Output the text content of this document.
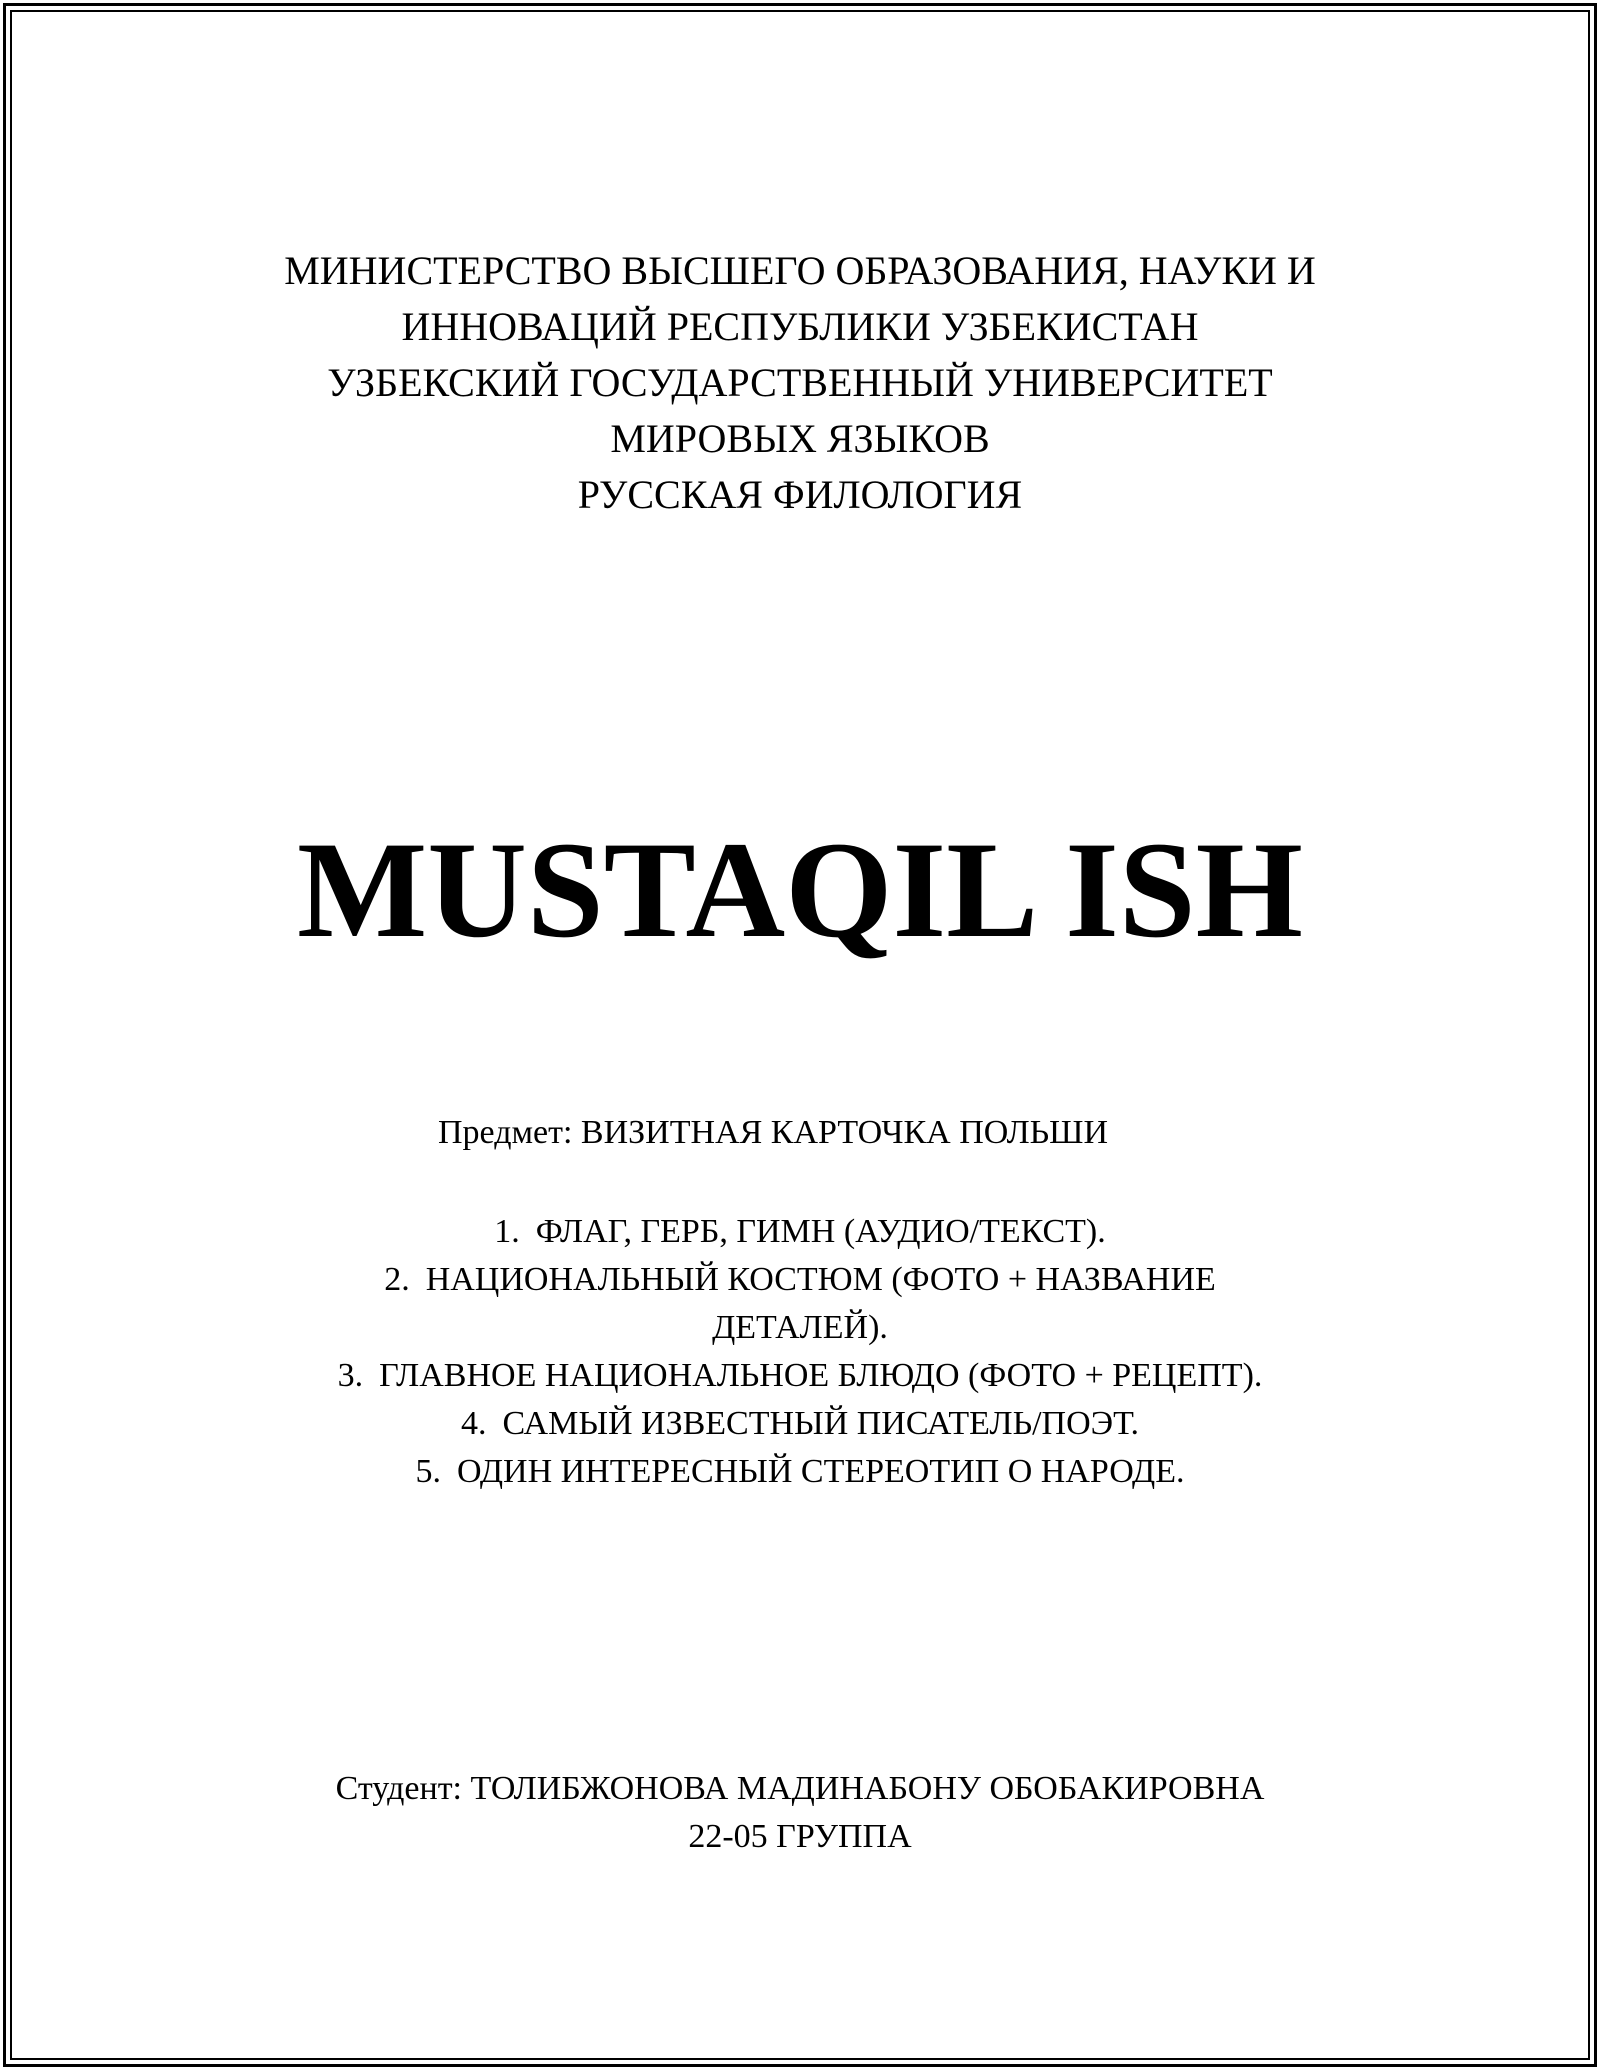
МИНИСТЕРСТВО ВЫСШЕГО ОБРАЗОВАНИЯ, НАУКИ И
ИННОВАЦИЙ РЕСПУБЛИКИ УЗБЕКИСТАН
УЗБЕКСКИЙ ГОСУДАРСТВЕННЫЙ УНИВЕРСИТЕТ
МИРОВЫХ ЯЗЫКОВ
РУССКАЯ ФИЛОЛОГИЯ
MUSTAQIL ISH
Предмет: ВИЗИТНАЯ КАРТОЧКА ПОЛЬШИ
1. ФЛАГ, ГЕРБ, ГИМН (АУДИО/ТЕКСТ).
2. НАЦИОНАЛЬНЫЙ КОСТЮМ (ФОТО + НАЗВАНИЕ
ДЕТАЛЕЙ).
3. ГЛАВНОЕ НАЦИОНАЛЬНОЕ БЛЮДО (ФОТО + РЕЦЕПТ).
4. САМЫЙ ИЗВЕСТНЫЙ ПИСАТЕЛЬ/ПОЭТ.
5. ОДИН ИНТЕРЕСНЫЙ СТЕРЕОТИП О НАРОДЕ.
Студент: ТОЛИБЖОНОВА МАДИНАБОНУ ОБОБАКИРОВНА
22-05 ГРУППА
